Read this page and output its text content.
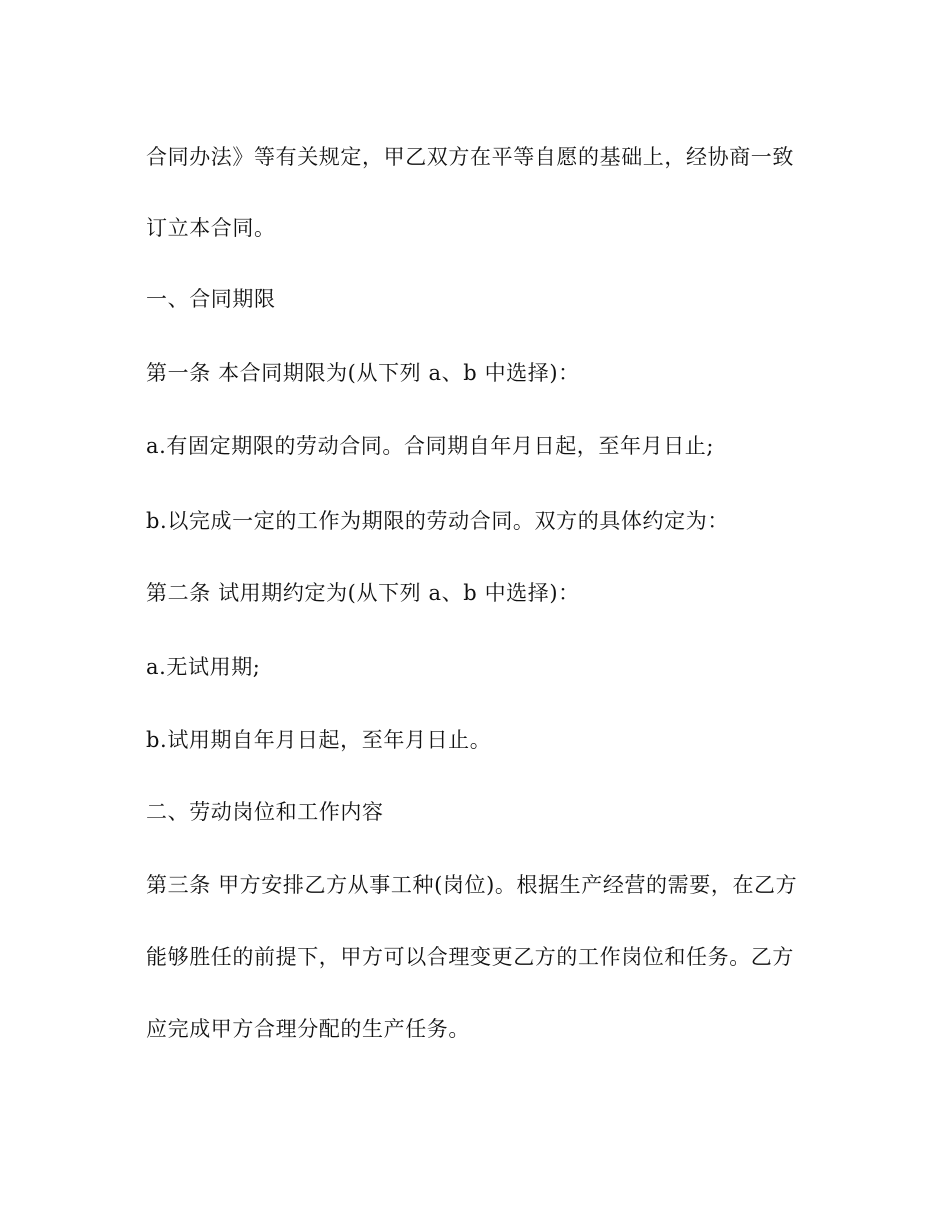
合同办法》等有关规定，甲乙双方在平等自愿的基础上，经协商一致

订立本合同。

一、合同期限

第一条 本合同期限为(从下列 a、b 中选择)：

a.有固定期限的劳动合同。合同期自年月日起，至年月日止;

b.以完成一定的工作为期限的劳动合同。双方的具体约定为：

第二条 试用期约定为(从下列 a、b 中选择)：

a.无试用期;

b.试用期自年月日起，至年月日止。

二、劳动岗位和工作内容

第三条 甲方安排乙方从事工种(岗位)。根据生产经营的需要，在乙方

能够胜任的前提下，甲方可以合理变更乙方的工作岗位和任务。乙方

应完成甲方合理分配的生产任务。
